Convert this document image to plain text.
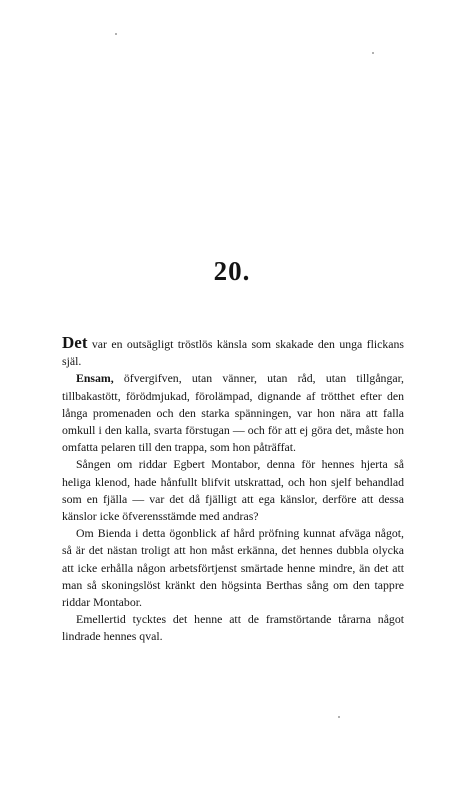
20.

Det var en outsägligt tröstlös känsla som skakade den unga flickans själ.

Ensam, öfvergifven, utan vänner, utan råd, utan tillgångar, tillbakastött, förödmjukad, förolämpad, dignande af trötthet efter den långa promenaden och den starka spänningen, var hon nära att falla omkull i den kalla, svarta förstugan — och för att ej göra det, måste hon omfatta pelaren till den trappa, som hon påträffat.

Sången om riddar Egbert Montabor, denna för hennes hjerta så heliga klenod, hade hånfullt blifvit utskrattad, och hon sjelf behandlad som en fjälla — var det då fjälligt att ega känslor, derföre att dessa känslor icke öfverensstämde med andras?

Om Bienda i detta ögonblick af hård pröfning kunnat afväga något, så är det nästan troligt att hon måst erkänna, det hennes dubbla olycka att icke erhålla någon arbetsförtjenst smärtade henne mindre, än det att man så skoningslöst kränkt den högsinta Berthas sång om den tappre riddar Montabor.

Emellertid tycktes det henne att de framstörtande tårarna något lindrade hennes qval.
